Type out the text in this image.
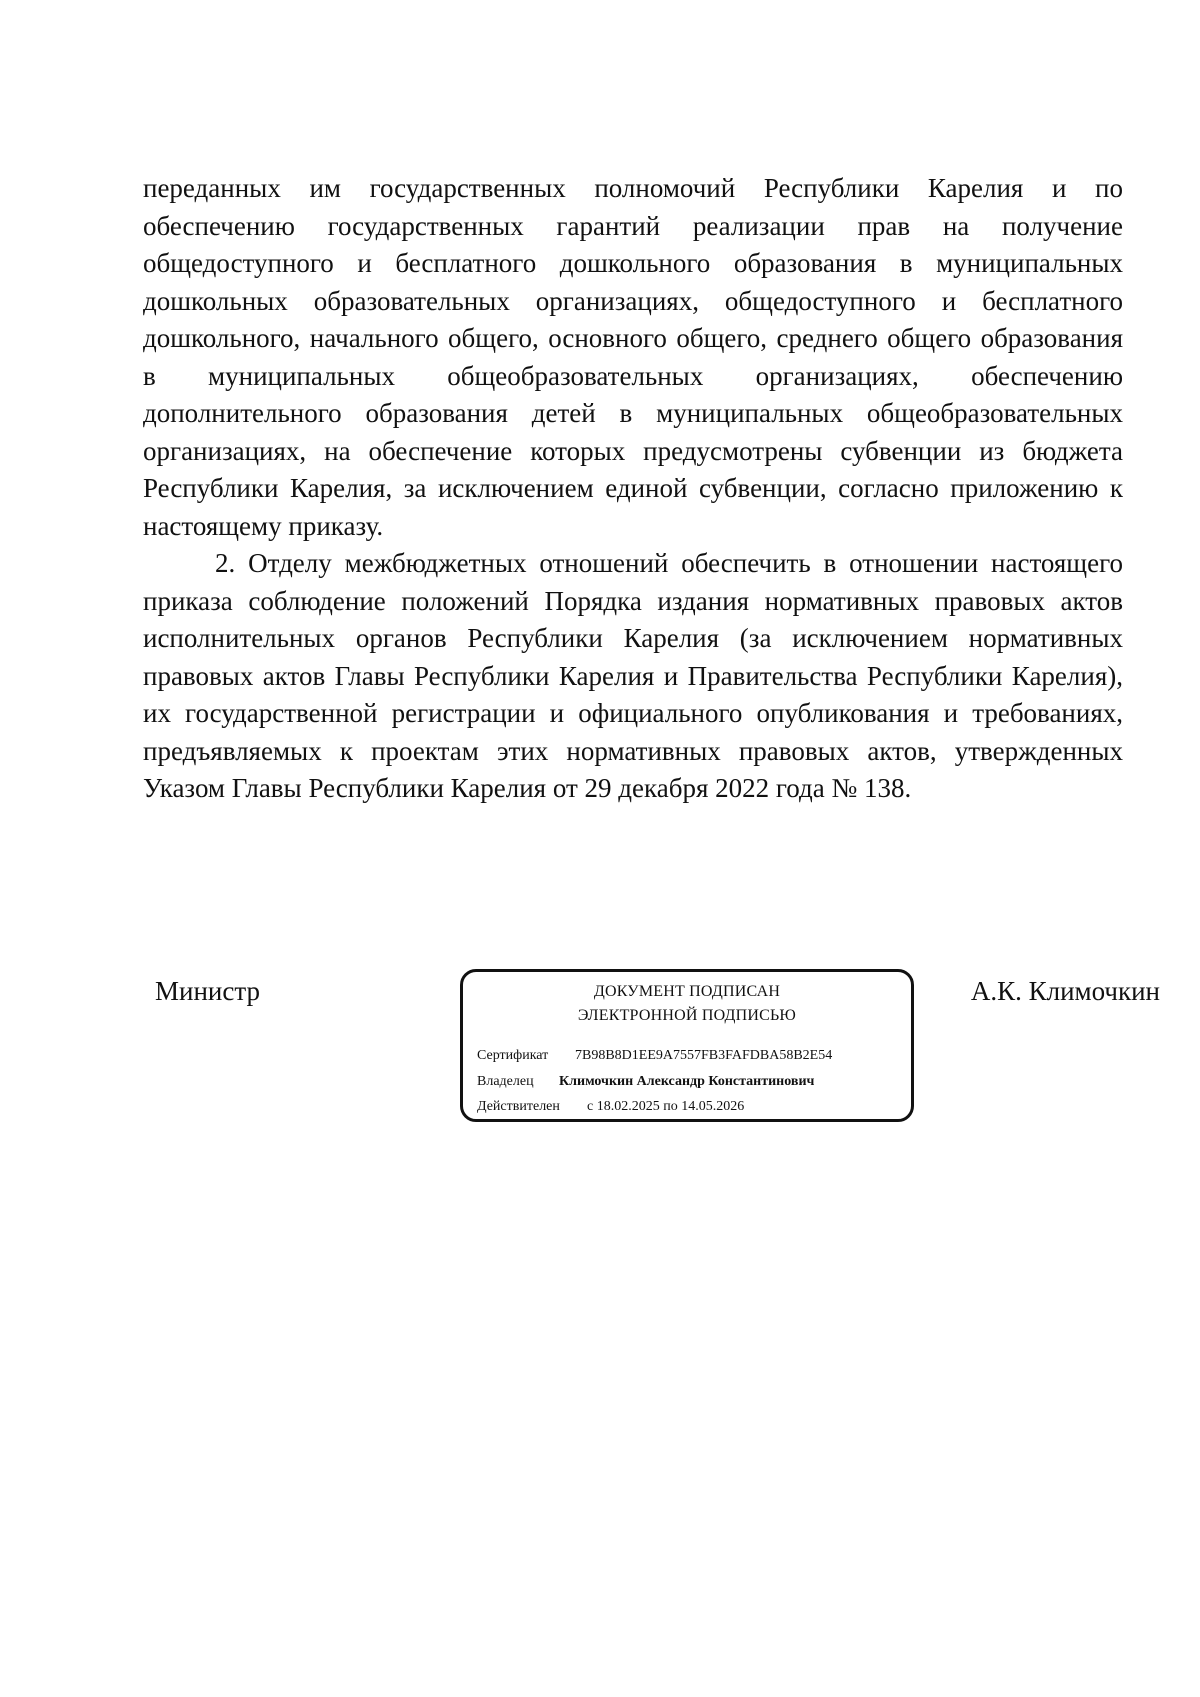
переданных им государственных полномочий Республики Карелия и по обеспечению государственных гарантий реализации прав на получение общедоступного и бесплатного дошкольного образования в муниципальных дошкольных образовательных организациях, общедоступного и бесплатного дошкольного, начального общего, основного общего, среднего общего образования в муниципальных общеобразовательных организациях, обеспечению дополнительного образования детей в муниципальных общеобразовательных организациях, на обеспечение которых предусмотрены субвенции из бюджета Республики Карелия, за исключением единой субвенции, согласно приложению к настоящему приказу.

2. Отделу межбюджетных отношений обеспечить в отношении настоящего приказа соблюдение положений Порядка издания нормативных правовых актов исполнительных органов Республики Карелия (за исключением нормативных правовых актов Главы Республики Карелия и Правительства Республики Карелия), их государственной регистрации и официального опубликования и требованиях, предъявляемых к проектам этих нормативных правовых актов, утвержденных Указом Главы Республики Карелия от 29 декабря 2022 года № 138.

Министр	ДОКУМЕНТ ПОДПИСАН
ЭЛЕКТРОННОЙ ПОДПИСЬЮ
Сертификат 7B98B8D1EE9A7557FB3FAFDBA58B2E54
Владелец Климочкин Александр Константинович
Действителен с 18.02.2025 по 14.05.2026
А.К. Климочкин
